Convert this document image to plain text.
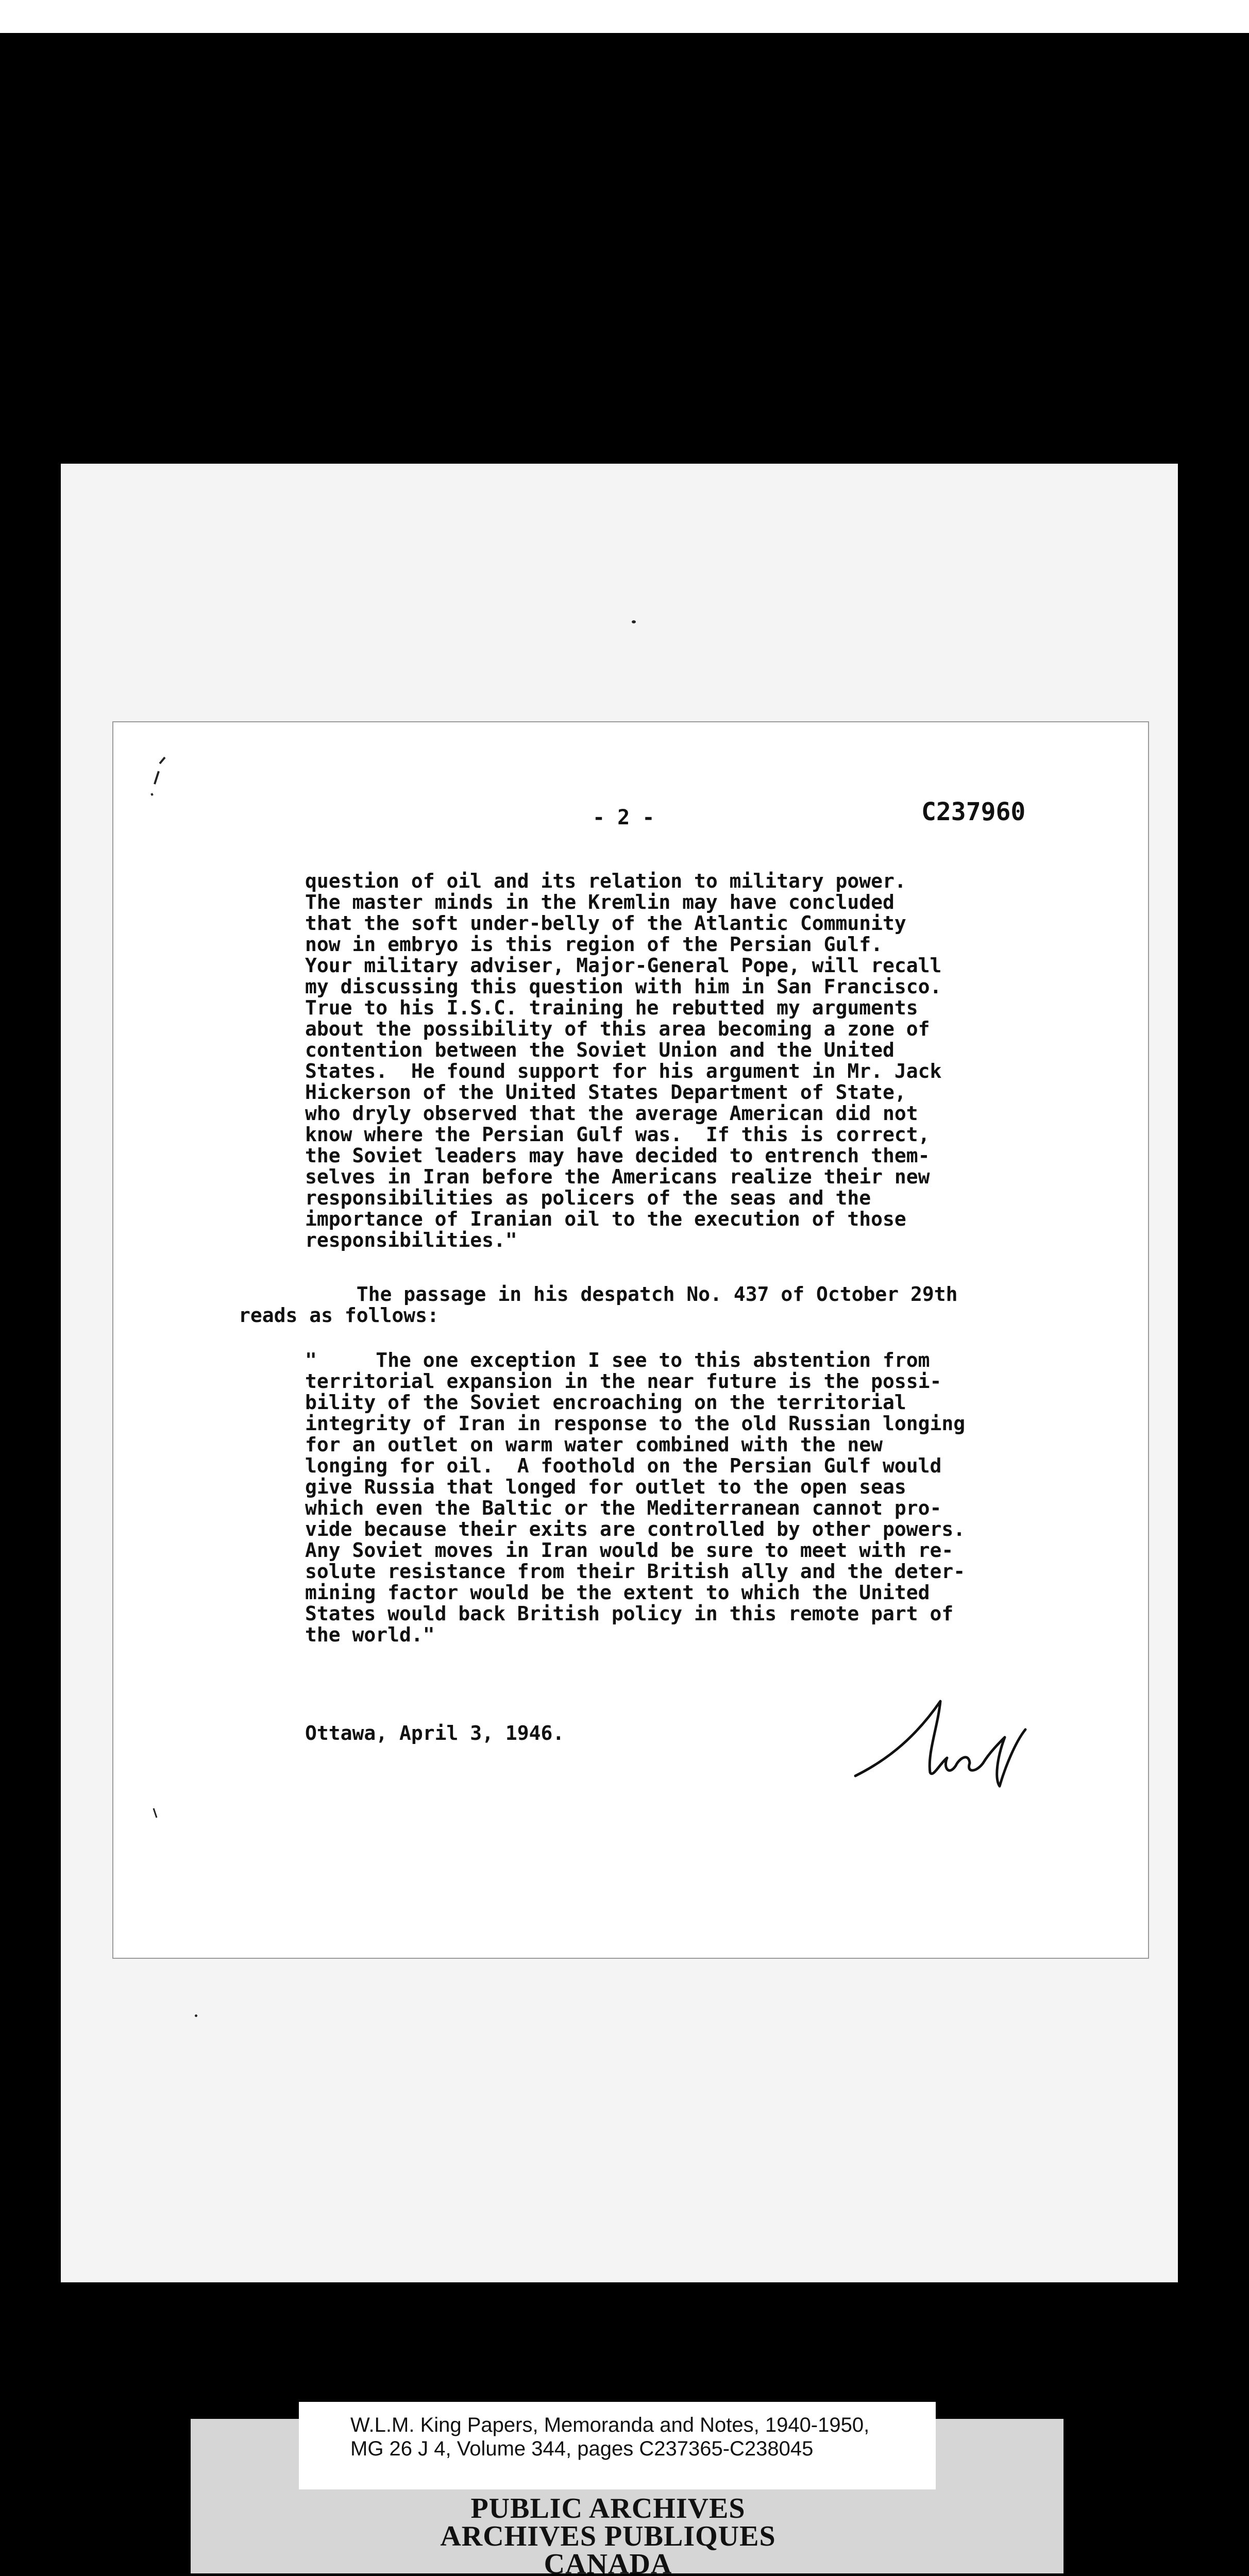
- 2 -	C237960
question of oil and its relation to military power.
The master minds in the Kremlin may have concluded
that the soft under-belly of the Atlantic Community
now in embryo is this region of the Persian Gulf.
Your military adviser, Major-General Pope, will recall
my discussing this question with him in San Francisco.
True to his I.S.C. training he rebutted my arguments
about the possibility of this area becoming a zone of
contention between the Soviet Union and the United
States.  He found support for his argument in Mr. Jack
Hickerson of the United States Department of State,
who dryly observed that the average American did not
know where the Persian Gulf was.  If this is correct,
the Soviet leaders may have decided to entrench them-
selves in Iran before the Americans realize their new
responsibilities as policers of the seas and the
importance of Iranian oil to the execution of those
responsibilities."
The passage in his despatch No. 437 of October 29th
reads as follows:
"     The one exception I see to this abstention from
territorial expansion in the near future is the possi-
bility of the Soviet encroaching on the territorial
integrity of Iran in response to the old Russian longing
for an outlet on warm water combined with the new
longing for oil.  A foothold on the Persian Gulf would
give Russia that longed for outlet to the open seas
which even the Baltic or the Mediterranean cannot pro-
vide because their exits are controlled by other powers.
Any Soviet moves in Iran would be sure to meet with re-
solute resistance from their British ally and the deter-
mining factor would be the extent to which the United
States would back British policy in this remote part of
the world."
Ottawa, April 3, 1946.
W.L.M. King Papers, Memoranda and Notes, 1940-1950,
MG 26 J 4, Volume 344, pages C237365-C238045
PUBLIC ARCHIVES
ARCHIVES PUBLIQUES
CANADA
